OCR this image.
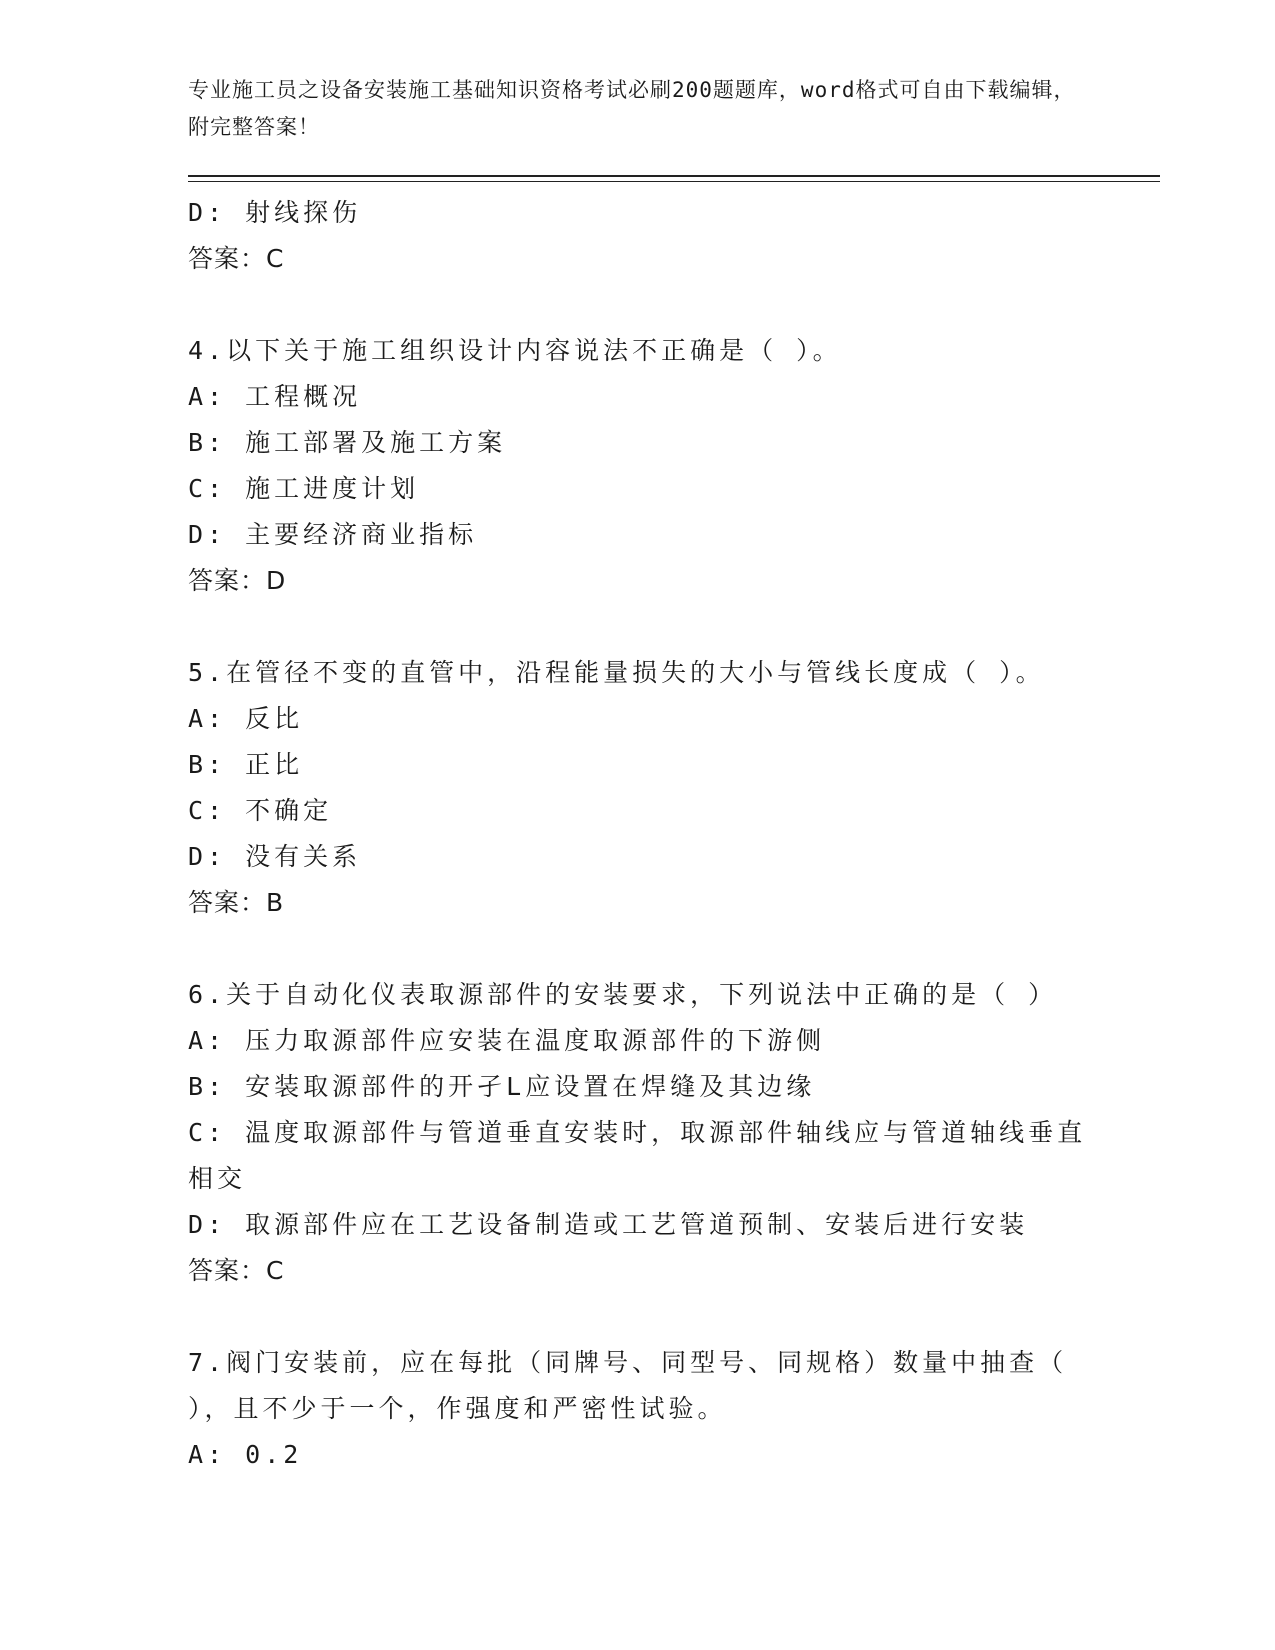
专业施工员之设备安装施工基础知识资格考试必刷200题题库，word格式可自由下载编辑，附完整答案！
D: 射线探伤
答案：C
4.以下关于施工组织设计内容说法不正确是（ ）。
A: 工程概况
B: 施工部署及施工方案
C: 施工进度计划
D: 主要经济商业指标
答案：D
5.在管径不变的直管中，沿程能量损失的大小与管线长度成（ ）。
A: 反比
B: 正比
C: 不确定
D: 没有关系
答案：B
6.关于自动化仪表取源部件的安装要求，下列说法中正确的是（ ）
A: 压力取源部件应安装在温度取源部件的下游侧
B: 安装取源部件的开孑L应设置在焊缝及其边缘
C: 温度取源部件与管道垂直安装时，取源部件轴线应与管道轴线垂直相交
D: 取源部件应在工艺设备制造或工艺管道预制、安装后进行安装
答案：C
7.阀门安装前，应在每批（同牌号、同型号、同规格）数量中抽查（ ），且不少于一个，作强度和严密性试验。
A: 0.2
